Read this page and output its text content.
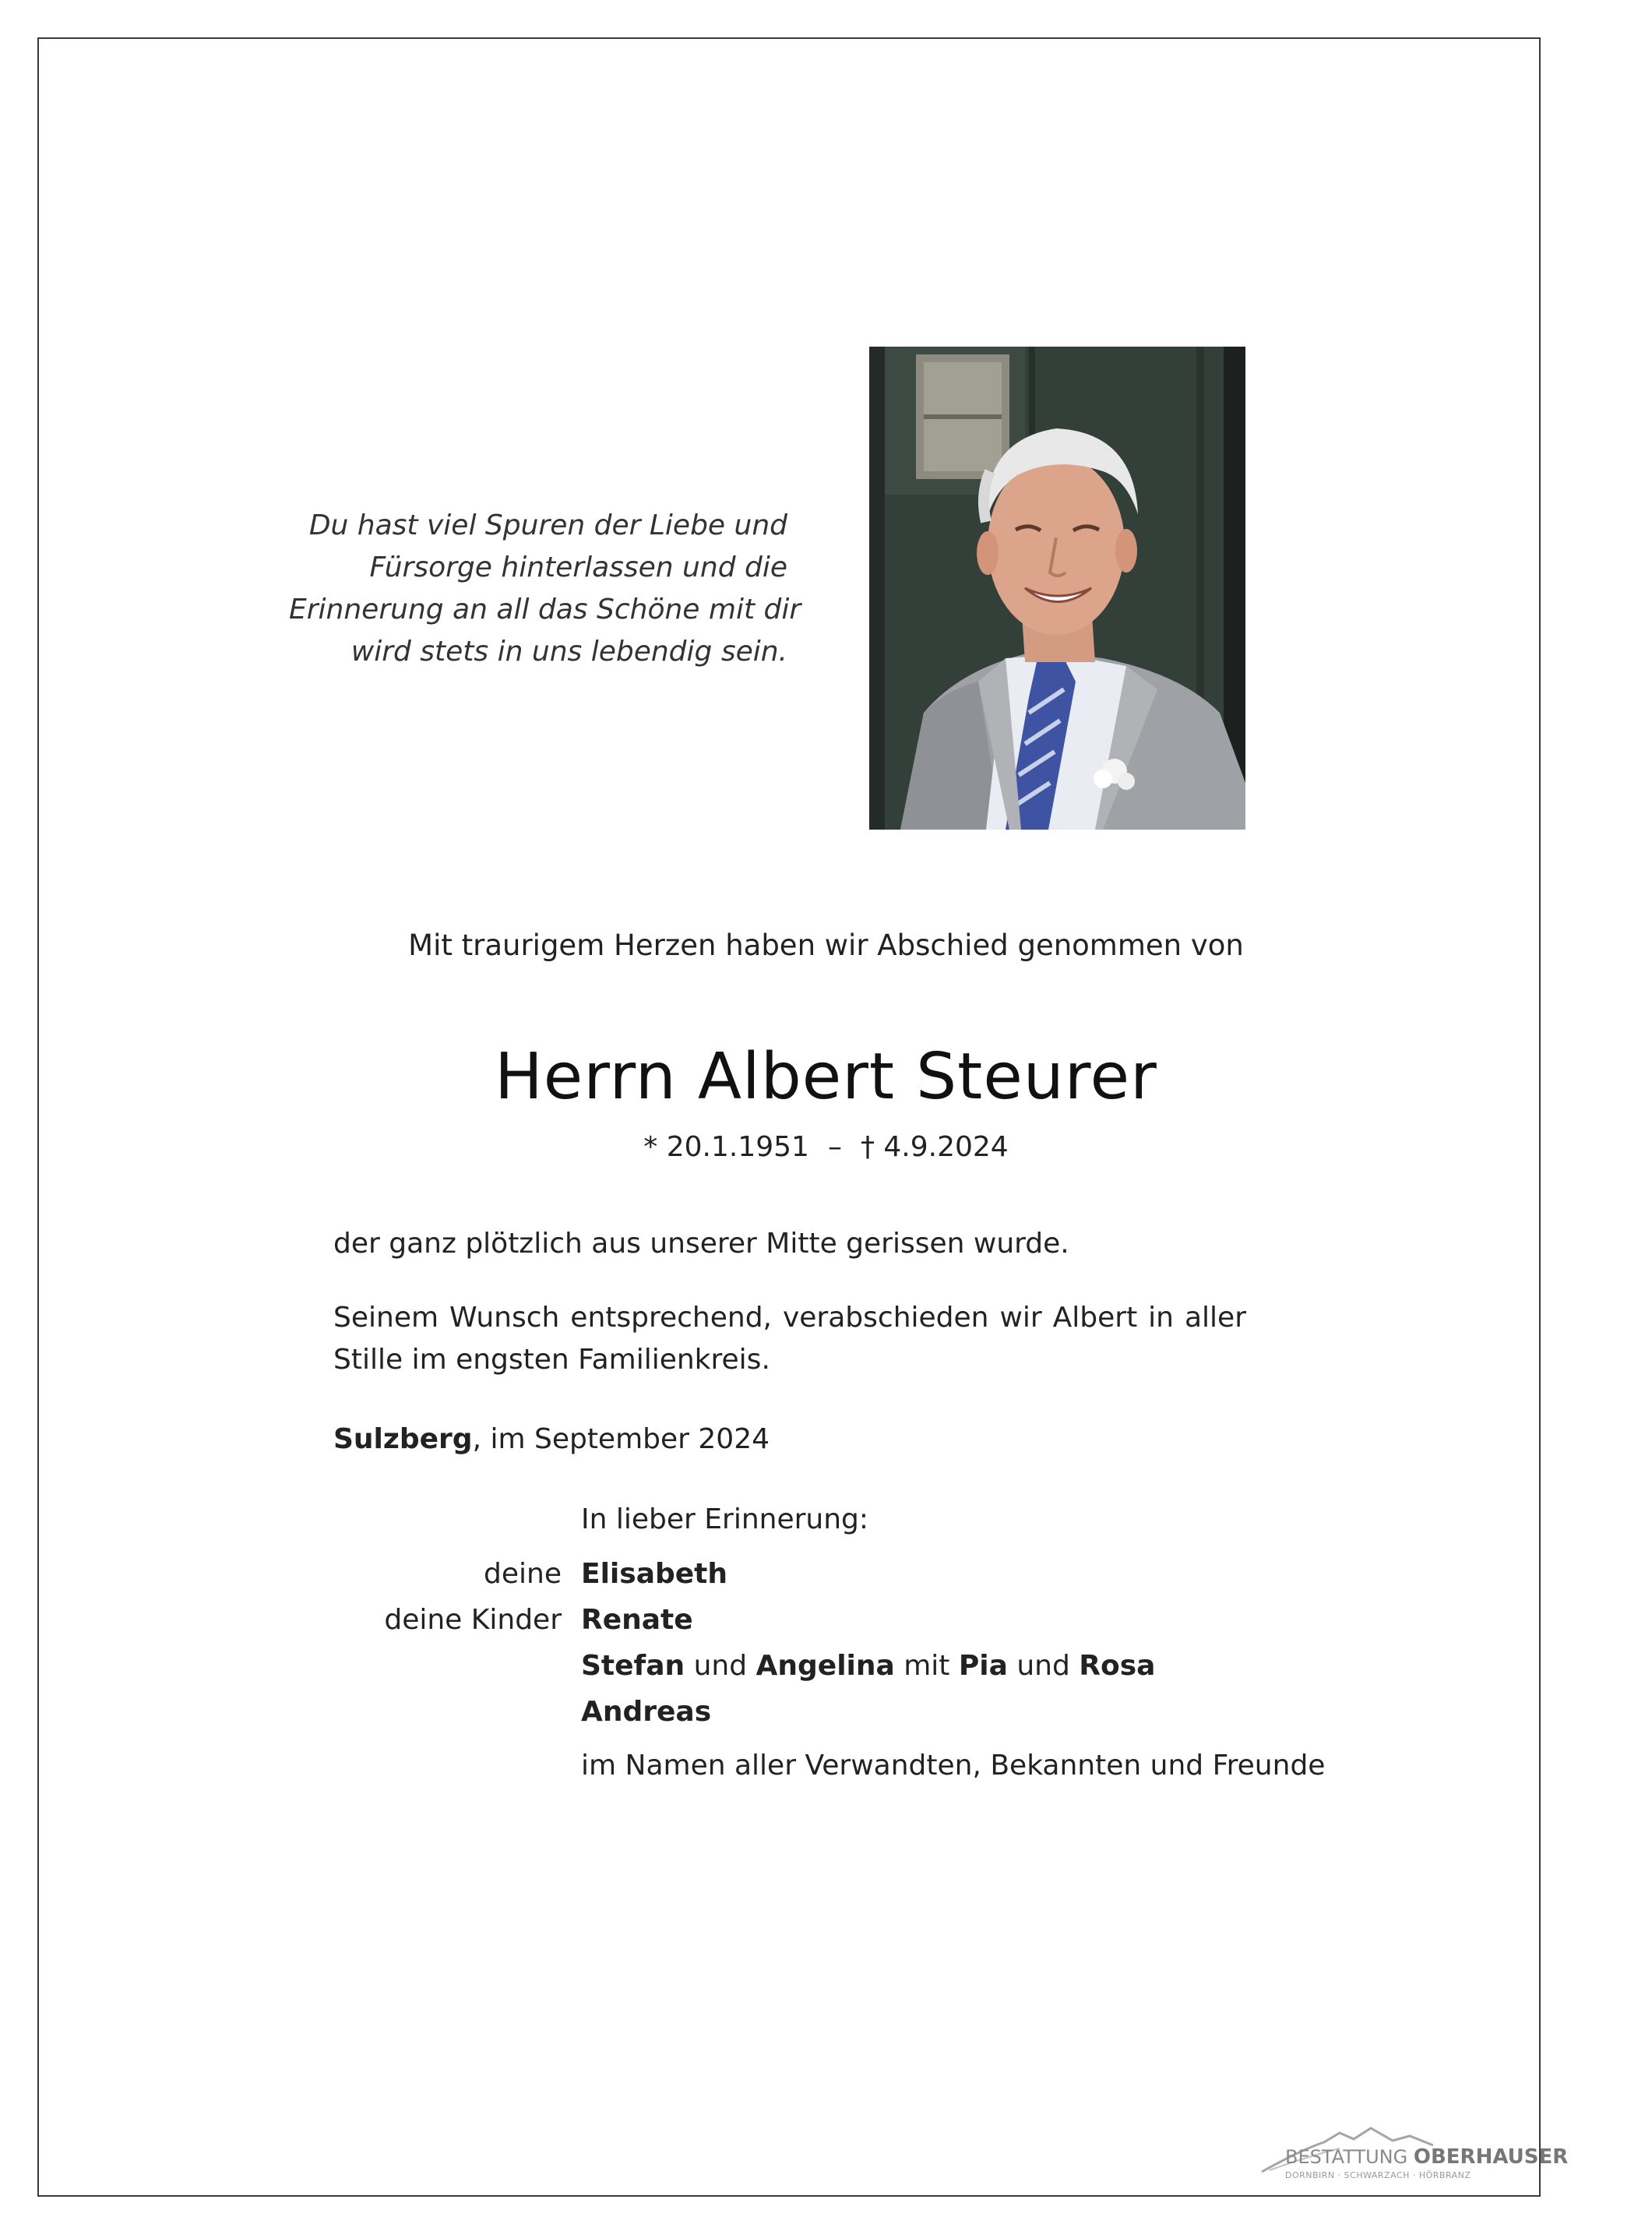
Du hast viel Spuren der Liebe und
Fürsorge hinterlassen und die
Erinnerung an all das Schöne mit dir
wird stets in uns lebendig sein.
Mit traurigem Herzen haben wir Abschied genommen von
Herrn Albert Steurer
* 20.1.1951 – † 4.9.2024
der ganz plötzlich aus unserer Mitte gerissen wurde.
Seinem Wunsch entsprechend, verabschieden wir Albert in aller Stille im engsten Familienkreis.
Sulzberg, im September 2024
In lieber Erinnerung:
deine Elisabeth
deine Kinder Renate
Stefan und Angelina mit Pia und Rosa
Andreas
im Namen aller Verwandten, Bekannten und Freunde
BESTATTUNG OBERHAUSER
DORNBIRN · SCHWARZACH · HÖRBRANZ
